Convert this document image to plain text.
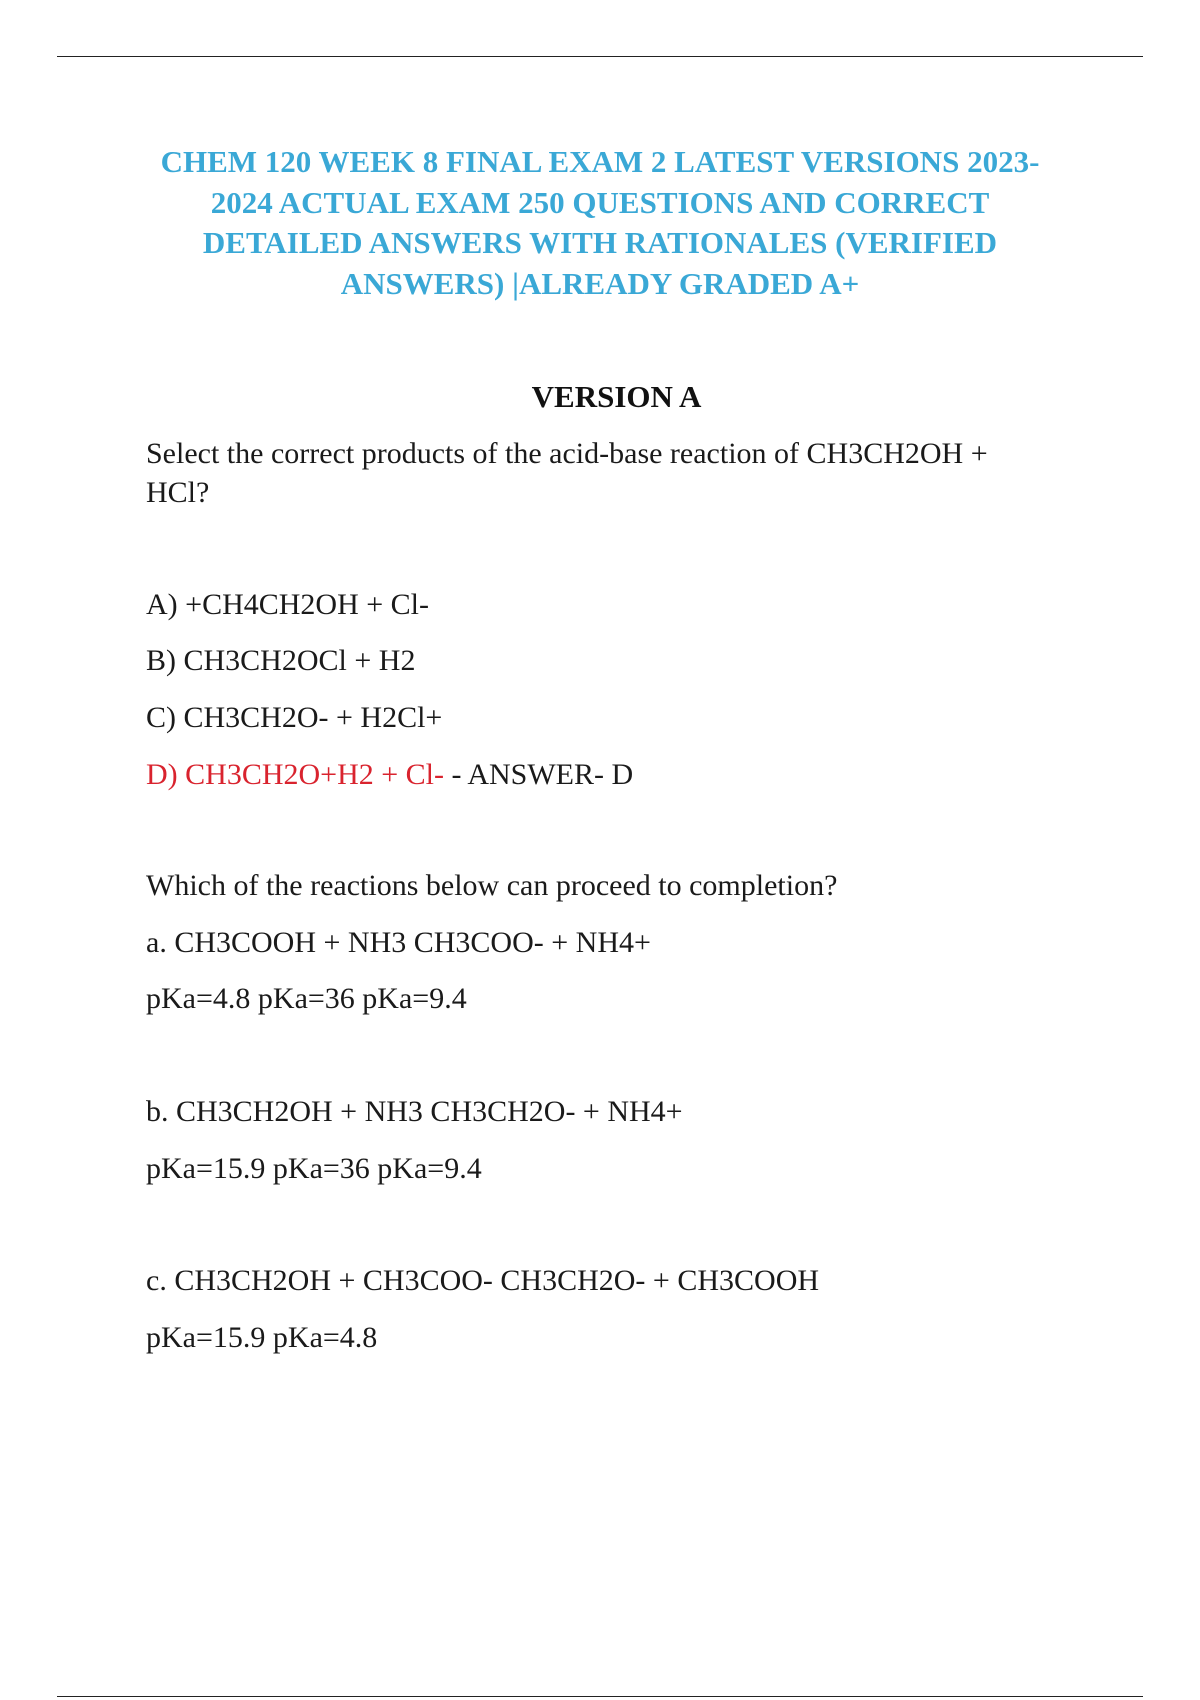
CHEM 120 WEEK 8 FINAL EXAM 2 LATEST VERSIONS 2023-
2024 ACTUAL EXAM 250 QUESTIONS AND CORRECT
DETAILED ANSWERS WITH RATIONALES (VERIFIED
ANSWERS) |ALREADY GRADED A+
VERSION A
Select the correct products of the acid-base reaction of CH3CH2OH +
HCl?
A) +CH4CH2OH + Cl-
B) CH3CH2OCl + H2
C) CH3CH2O- + H2Cl+
D) CH3CH2O+H2 + Cl- - ANSWER- D
Which of the reactions below can proceed to completion?
a. CH3COOH + NH3 CH3COO- + NH4+
pKa=4.8 pKa=36 pKa=9.4
b. CH3CH2OH + NH3 CH3CH2O- + NH4+
pKa=15.9 pKa=36 pKa=9.4
c. CH3CH2OH + CH3COO- CH3CH2O- + CH3COOH
pKa=15.9 pKa=4.8
